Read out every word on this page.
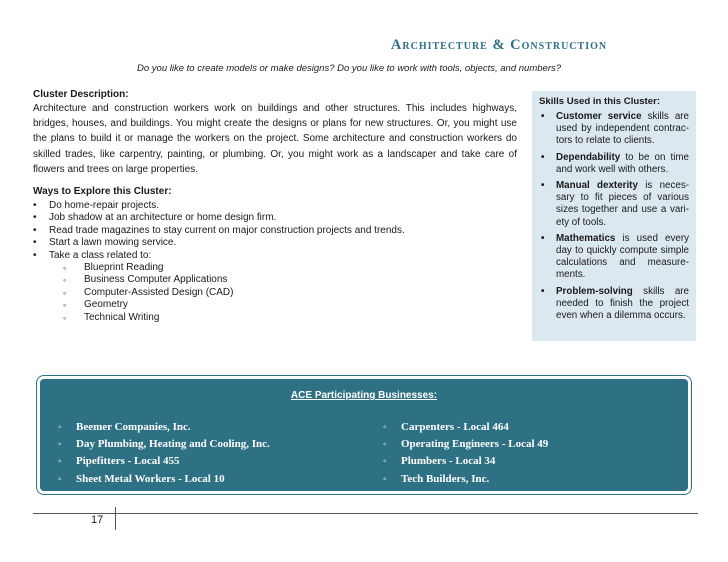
Architecture & Construction
Do you like to create models or make designs? Do you like to work with tools, objects, and numbers?
Cluster Description:
Architecture and construction workers work on buildings and other structures. This includes highways, bridges, houses, and buildings. You might create the designs or plans for new structures. Or, you might use the plans to build it or manage the workers on the project. Some architecture and construction workers do skilled trades, like carpentry, painting, or plumbing. Or, you might work as a landscaper and take care of flowers and trees on large properties.
Ways to Explore this Cluster:
• Do home-repair projects.
• Job shadow at an architecture or home design firm.
• Read trade magazines to stay current on major construction projects and trends.
• Start a lawn mowing service.
• Take a class related to:
◦ Blueprint Reading
◦ Business Computer Applications
◦ Computer-Assisted Design (CAD)
◦ Geometry
◦ Technical Writing
Skills Used in this Cluster:
• Customer service skills are used by independent contrac-tors to relate to clients.
• Dependability to be on time and work well with others.
• Manual dexterity is neces-sary to fit pieces of various sizes together and use a vari-ety of tools.
• Mathematics is used every day to quickly compute simple calculations and measure-ments.
• Problem-solving skills are needed to finish the project even when a dilemma occurs.
ACE Participating Businesses:
◦ Beemer Companies, Inc.
◦ Day Plumbing, Heating and Cooling, Inc.
◦ Pipefitters - Local 455
◦ Sheet Metal Workers - Local 10
◦ Carpenters - Local 464
◦ Operating Engineers - Local 49
◦ Plumbers - Local 34
◦ Tech Builders, Inc.
17
